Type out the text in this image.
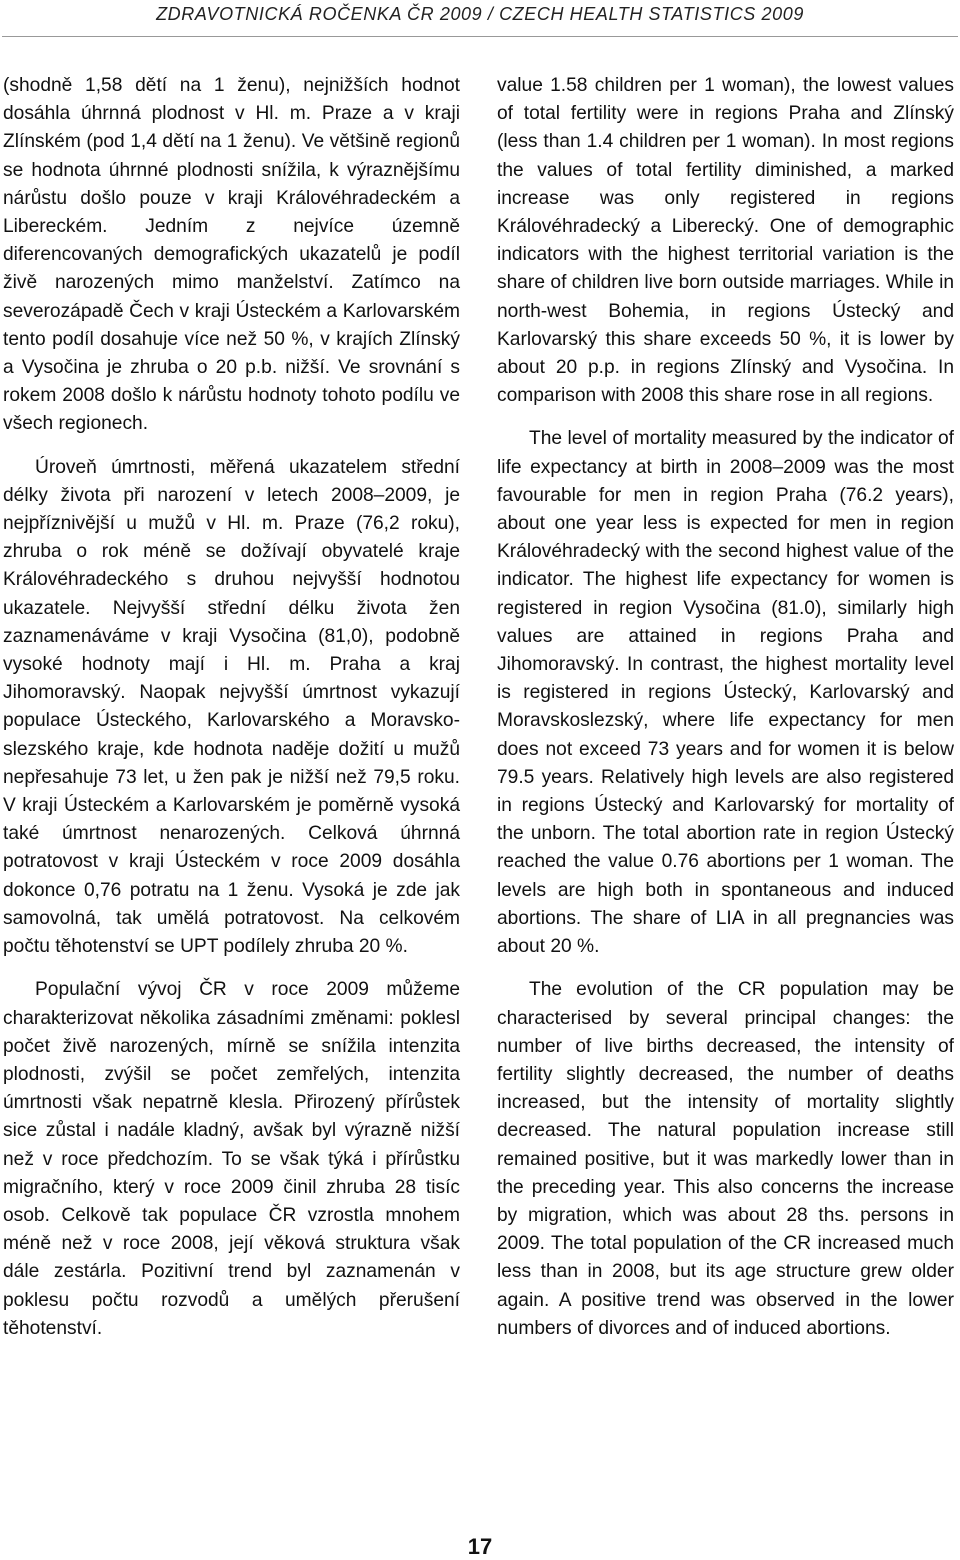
ZDRAVOTNICKÁ ROČENKA ČR 2009 / CZECH HEALTH STATISTICS 2009

(shodně 1,58 dětí na 1 ženu), nejnižších hodnot dosáhla úhrnná plodnost v Hl. m. Praze a v kraji Zlínském (pod 1,4 dětí na 1 ženu). Ve většině regionů se hodnota úhrnné plodnosti snížila, k výraznějšímu nárůstu došlo pouze v kraji Královéhradeckém a Libereckém. Jedním z nejvíce územně diferencovaných demografických ukazatelů je podíl živě narozených mimo manželství. Zatímco na severozápadě Čech v kraji Ústeckém a Karlovarském tento podíl dosahuje více než 50 %, v krajích Zlínský a Vysočina je zhruba o 20 p.b. nižší. Ve srovnání s rokem 2008 došlo k nárůstu hodnoty tohoto podílu ve všech regionech.

Úroveň úmrtnosti, měřená ukazatelem střední délky života při narození v letech 2008–2009, je nejpříznivější u mužů v Hl. m. Praze (76,2 roku), zhruba o rok méně se dožívají obyvatelé kraje Královéhradeckého s druhou nejvyšší hodnotou ukazatele. Nejvyšší střední délku života žen zaznamenáváme v kraji Vysočina (81,0), podobně vysoké hodnoty mají i Hl. m. Praha a kraj Jihomoravský. Naopak nejvyšší úmrtnost vykazují populace Ústeckého, Karlovarského a Moravskoslezského kraje, kde hodnota naděje dožití u mužů nepřesahuje 73 let, u žen pak je nižší než 79,5 roku. V kraji Ústeckém a Karlovarském je poměrně vysoká také úmrtnost nenarozených. Celková úhrnná potratovost v kraji Ústeckém v roce 2009 dosáhla dokonce 0,76 potratu na 1 ženu. Vysoká je zde jak samovolná, tak umělá potratovost. Na celkovém počtu těhotenství se UPT podílely zhruba 20 %.

Populační vývoj ČR v roce 2009 můžeme charakterizovat několika zásadními změnami: poklesl počet živě narozených, mírně se snížila intenzita plodnosti, zvýšil se počet zemřelých, intenzita úmrtnosti však nepatrně klesla. Přirozený přírůstek sice zůstal i nadále kladný, avšak byl výrazně nižší než v roce předchozím. To se však týká i přírůstku migračního, který v roce 2009 činil zhruba 28 tisíc osob. Celkově tak populace ČR vzrostla mnohem méně než v roce 2008, její věková struktura však dále zestárla. Pozitivní trend byl zaznamenán v poklesu počtu rozvodů a umělých přerušení těhotenství.

value 1.58 children per 1 woman), the lowest values of total fertility were in regions Praha and Zlínský (less than 1.4 children per 1 woman). In most regions the values of total fertility diminished, a marked increase was only registered in regions Královéhradecký a Liberecký. One of demographic indicators with the highest territorial variation is the share of children live born outside marriages. While in north-west Bohemia, in regions Ústecký and Karlovarský this share exceeds 50 %, it is lower by about 20 p.p. in regions Zlínský and Vysočina. In comparison with 2008 this share rose in all regions.

The level of mortality measured by the indicator of life expectancy at birth in 2008–2009 was the most favourable for men in region Praha (76.2 years), about one year less is expected for men in region Královéhradecký with the second highest value of the indicator. The highest life expectancy for women is registered in region Vysočina (81.0), similarly high values are attained in regions Praha and Jihomoravský. In contrast, the highest mortality level is registered in regions Ústecký, Karlovarský and Moravskoslezský, where life expectancy for men does not exceed 73 years and for women it is below 79.5 years. Relatively high levels are also registered in regions Ústecký and Karlovarský for mortality of the unborn. The total abortion rate in region Ústecký reached the value 0.76 abortions per 1 woman. The levels are high both in spontaneous and induced abortions. The share of LIA in all pregnancies was about 20 %.

The evolution of the CR population may be characterised by several principal changes: the number of live births decreased, the intensity of fertility slightly decreased, the number of deaths increased, but the intensity of mortality slightly decreased. The natural population increase still remained positive, but it was markedly lower than in the preceding year. This also concerns the increase by migration, which was about 28 ths. persons in 2009. The total population of the CR increased much less than in 2008, but its age structure grew older again. A positive trend was observed in the lower numbers of divorces and of induced abortions.

17
